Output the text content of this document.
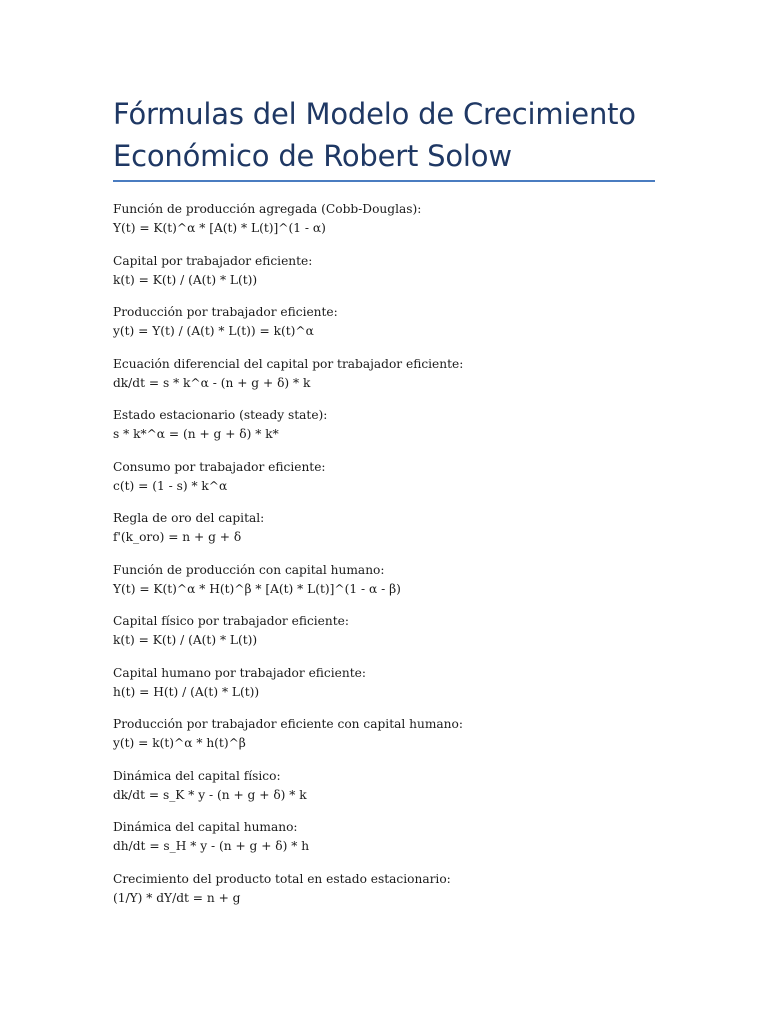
Fórmulas del Modelo de Crecimiento
Económico de Robert Solow
Función de producción agregada (Cobb-Douglas):
Y(t) = K(t)^α * [A(t) * L(t)]^(1 - α)
Capital por trabajador eficiente:
k(t) = K(t) / (A(t) * L(t))
Producción por trabajador eficiente:
y(t) = Y(t) / (A(t) * L(t)) = k(t)^α
Ecuación diferencial del capital por trabajador eficiente:
dk/dt = s * k^α - (n + g + δ) * k
Estado estacionario (steady state):
s * k*^α = (n + g + δ) * k*
Consumo por trabajador eficiente:
c(t) = (1 - s) * k^α
Regla de oro del capital:
f'(k_oro) = n + g + δ
Función de producción con capital humano:
Y(t) = K(t)^α * H(t)^β * [A(t) * L(t)]^(1 - α - β)
Capital físico por trabajador eficiente:
k(t) = K(t) / (A(t) * L(t))
Capital humano por trabajador eficiente:
h(t) = H(t) / (A(t) * L(t))
Producción por trabajador eficiente con capital humano:
y(t) = k(t)^α * h(t)^β
Dinámica del capital físico:
dk/dt = s_K * y - (n + g + δ) * k
Dinámica del capital humano:
dh/dt = s_H * y - (n + g + δ) * h
Crecimiento del producto total en estado estacionario:
(1/Y) * dY/dt = n + g
